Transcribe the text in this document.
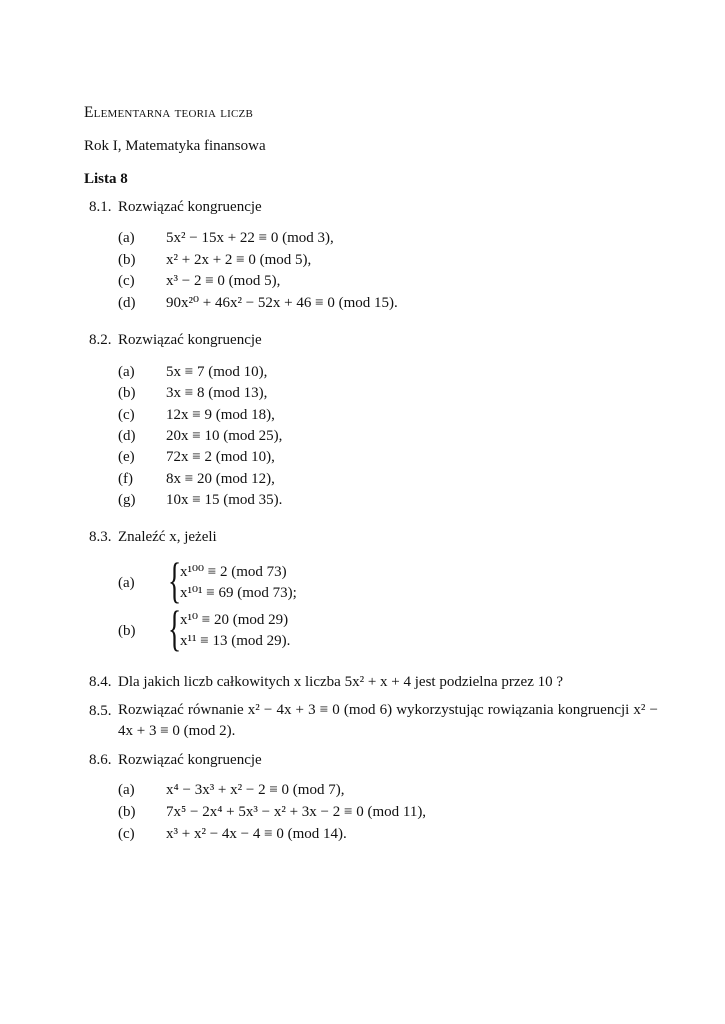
Elementarna teoria liczb
Rok I, Matematyka finansowa
Lista 8
8.1. Rozwiązać kongruencje
(a) 5x² − 15x + 22 ≡ 0 (mod 3),
(b) x² + 2x + 2 ≡ 0 (mod 5),
(c) x³ − 2 ≡ 0 (mod 5),
(d) 90x²⁰ + 46x² − 52x + 46 ≡ 0 (mod 15).
8.2. Rozwiązać kongruencje
(a) 5x ≡ 7 (mod 10),
(b) 3x ≡ 8 (mod 13),
(c) 12x ≡ 9 (mod 18),
(d) 20x ≡ 10 (mod 25),
(e) 72x ≡ 2 (mod 10),
(f) 8x ≡ 20 (mod 12),
(g) 10x ≡ 15 (mod 35).
8.3. Znaleźć x, jeżeli
(a) {
x¹⁰⁰ ≡ 2 (mod 73)
x¹⁰¹ ≡ 69 (mod 73);
(b) {
x¹⁰ ≡ 20 (mod 29)
x¹¹ ≡ 13 (mod 29).
8.4. Dla jakich liczb całkowitych x liczba 5x² + x + 4 jest podzielna przez 10 ?
8.5. Rozwiązać równanie x² − 4x + 3 ≡ 0 (mod 6) wykorzystując rowiązania kongruencji x² − 4x + 3 ≡ 0 (mod 2).
8.6. Rozwiązać kongruencje
(a) x⁴ − 3x³ + x² − 2 ≡ 0 (mod 7),
(b) 7x⁵ − 2x⁴ + 5x³ − x² + 3x − 2 ≡ 0 (mod 11),
(c) x³ + x² − 4x − 4 ≡ 0 (mod 14).
